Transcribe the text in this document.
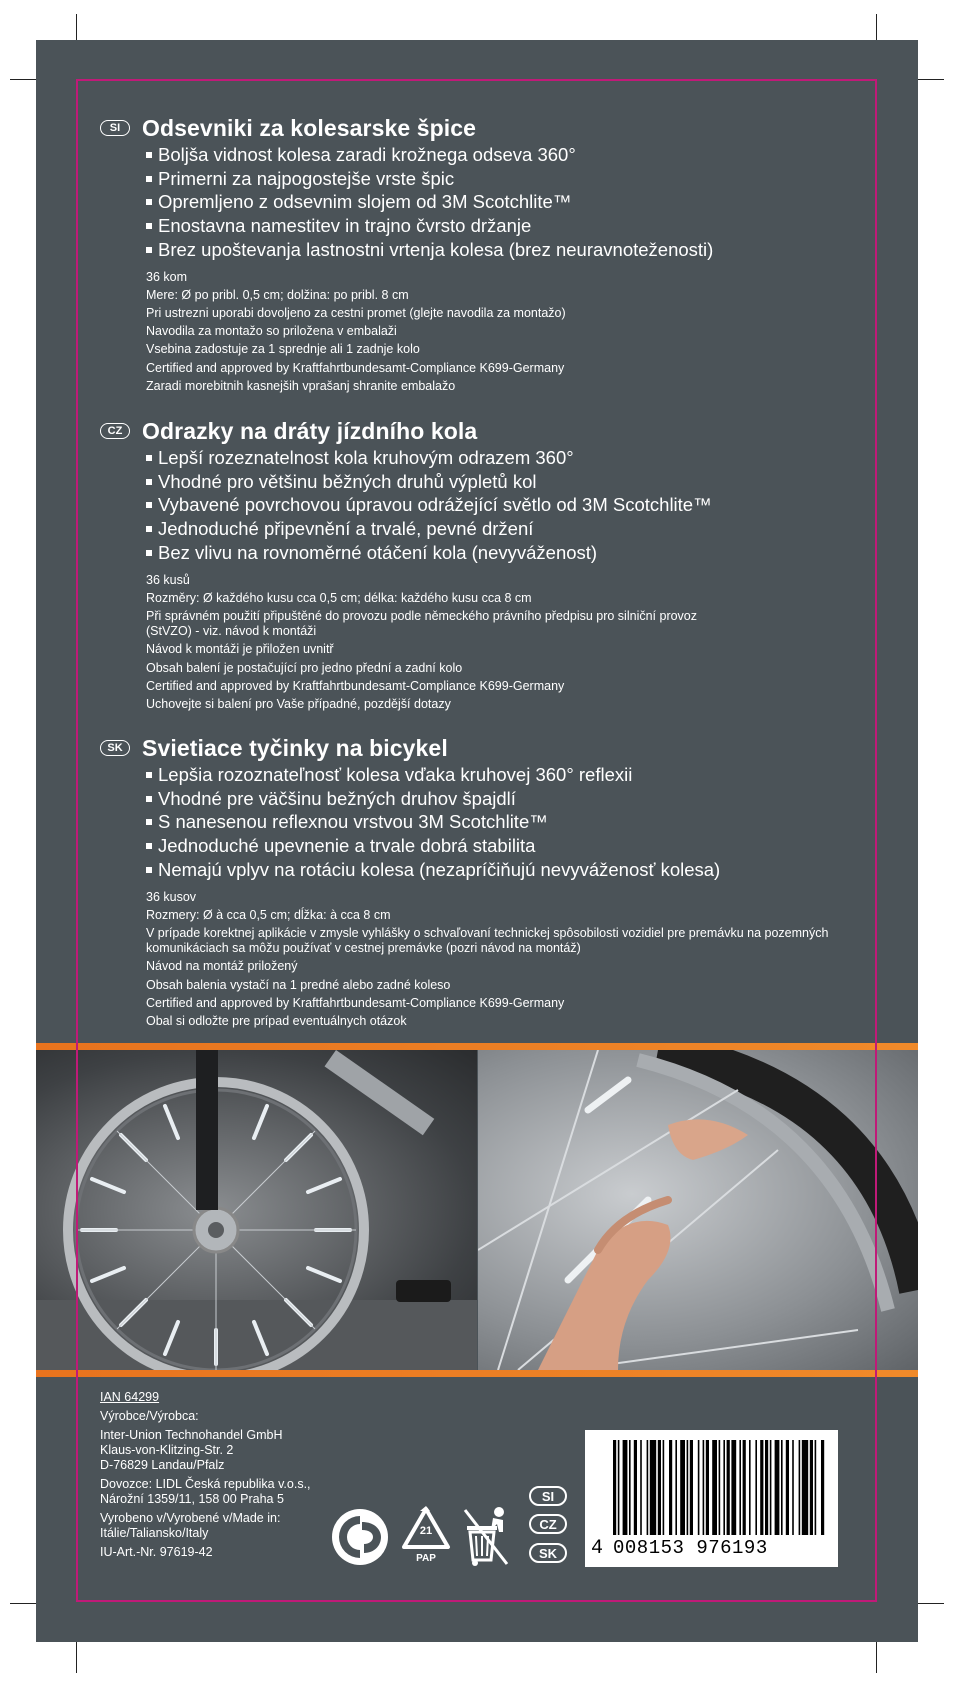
SI Odsevniki za kolesarske špice
Boljša vidnost kolesa zaradi krožnega odseva 360°
Primerni za najpogostejše vrste špic
Opremljeno z odsevnim slojem od 3M Scotchlite™
Enostavna namestitev in trajno čvrsto držanje
Brez upoštevanja lastnostni vrtenja kolesa (brez neuravnoteženosti)
36 kom
Mere: Ø po pribl. 0,5 cm; dolžina: po pribl. 8 cm
Pri ustrezni uporabi dovoljeno za cestni promet (glejte navodila za montažo)
Navodila za montažo so priložena v embalaži
Vsebina zadostuje za 1 sprednje ali 1 zadnje kolo
Certified and approved by Kraftfahrtbundesamt-Compliance K699-Germany
Zaradi morebitnih kasnejših vprašanj shranite embalažo
CZ Odrazky na dráty jízdního kola
Lepší rozeznatelnost kola kruhovým odrazem 360°
Vhodné pro většinu běžných druhů výpletů kol
Vybavené povrchovou úpravou odrážející světlo od 3M Scotchlite™
Jednoduché připevnění a trvalé, pevné držení
Bez vlivu na rovnoměrné otáčení kola (nevyváženost)
36 kusů
Rozměry: Ø každého kusu cca 0,5 cm; délka: každého kusu cca 8 cm
Při správném použití připuštěné do provozu podle německého právního předpisu pro silniční provoz (StVZO) - viz. návod k montáži
Návod k montáži je přiložen uvnitř
Obsah balení je postačující pro jedno přední a zadní kolo
Certified and approved by Kraftfahrtbundesamt-Compliance K699-Germany
Uchovejte si balení pro Vaše případné, pozdější dotazy
SK Svietiace tyčinky na bicykel
Lepšia rozoznateľnosť kolesa vďaka kruhovej 360° reflexii
Vhodné pre väčšinu bežných druhov špajdlí
S nanesenou reflexnou vrstvou 3M Scotchlite™
Jednoduché upevnenie a trvale dobrá stabilita
Nemajú vplyv na rotáciu kolesa (nezapríčiňujú nevyváženosť kolesa)
36 kusov
Rozmery: Ø à cca 0,5 cm; dĺžka: à cca 8 cm
V prípade korektnej aplikácie v zmysle vyhlášky o schvaľovaní technickej spôsobilosti vozidiel pre premávku na pozemných komunikáciach sa môžu používať v cestnej premávke (pozri návod na montáž)
Návod na montáž priložený
Obsah balenia vystačí na 1 predné alebo zadné koleso
Certified and approved by Kraftfahrtbundesamt-Compliance K699-Germany
Obal si odložte pre prípad eventuálnych otázok
IAN 64299
Výrobce/Výrobca:
Inter-Union Technohandel GmbH
Klaus-von-Klitzing-Str. 2
D-76829 Landau/Pfalz
Dovozce: LIDL Česká republika v.o.s.,
Nárožní 1359/11, 158 00 Praha 5
Vyrobeno v/Vyrobené v/Made in:
Itálie/Taliansko/Italy
IU-Art.-Nr. 97619-42
21
PAP
SI
CZ
SK	4 008153 976193
